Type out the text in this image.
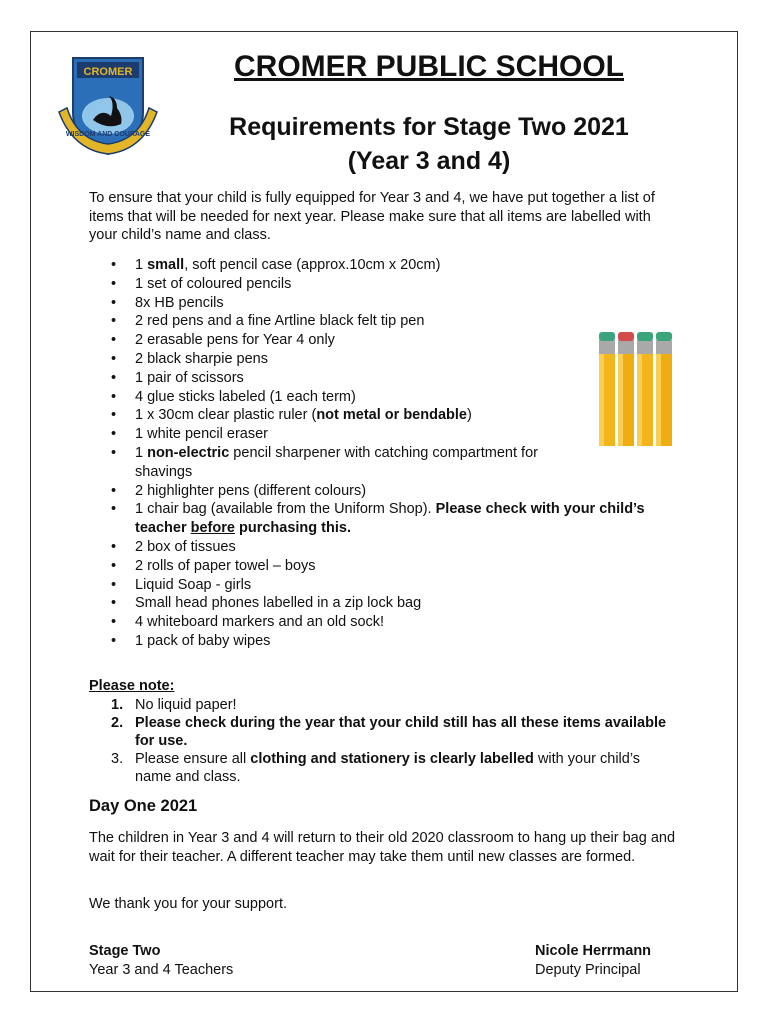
CROMER
WISDOM AND COURAGE
CROMER PUBLIC SCHOOL
Requirements for Stage Two 2021
(Year 3 and 4)
To ensure that your child is fully equipped for Year 3 and 4, we have put together a list of items that will be needed for next year. Please make sure that all items are labelled with your child’s name and class.
• 1 small, soft pencil case (approx.10cm x 20cm)
• 1 set of coloured pencils
• 8x HB pencils
• 2 red pens and a fine Artline black felt tip pen
• 2 erasable pens for Year 4 only
• 2 black sharpie pens
• 1 pair of scissors
• 4 glue sticks labeled (1 each term)
• 1 x 30cm clear plastic ruler (not metal or bendable)
• 1 white pencil eraser
• 1 non-electric pencil sharpener with catching compartment for
shavings
• 2 highlighter pens (different colours)
• 1 chair bag (available from the Uniform Shop). Please check with your child’s teacher before purchasing this.
• 2 box of tissues
• 2 rolls of paper towel – boys
• Liquid Soap - girls
• Small head phones labelled in a zip lock bag
• 4 whiteboard markers and an old sock!
• 1 pack of baby wipes
Please note:
1. No liquid paper!
2. Please check during the year that your child still has all these items available for use.
3. Please ensure all clothing and stationery is clearly labelled with your child’s name and class.
Day One 2021
The children in Year 3 and 4 will return to their old 2020 classroom to hang up their bag and wait for their teacher. A different teacher may take them until new classes are formed.
We thank you for your support.
Stage Two
Year 3 and 4 Teachers
Nicole Herrmann
Deputy Principal
